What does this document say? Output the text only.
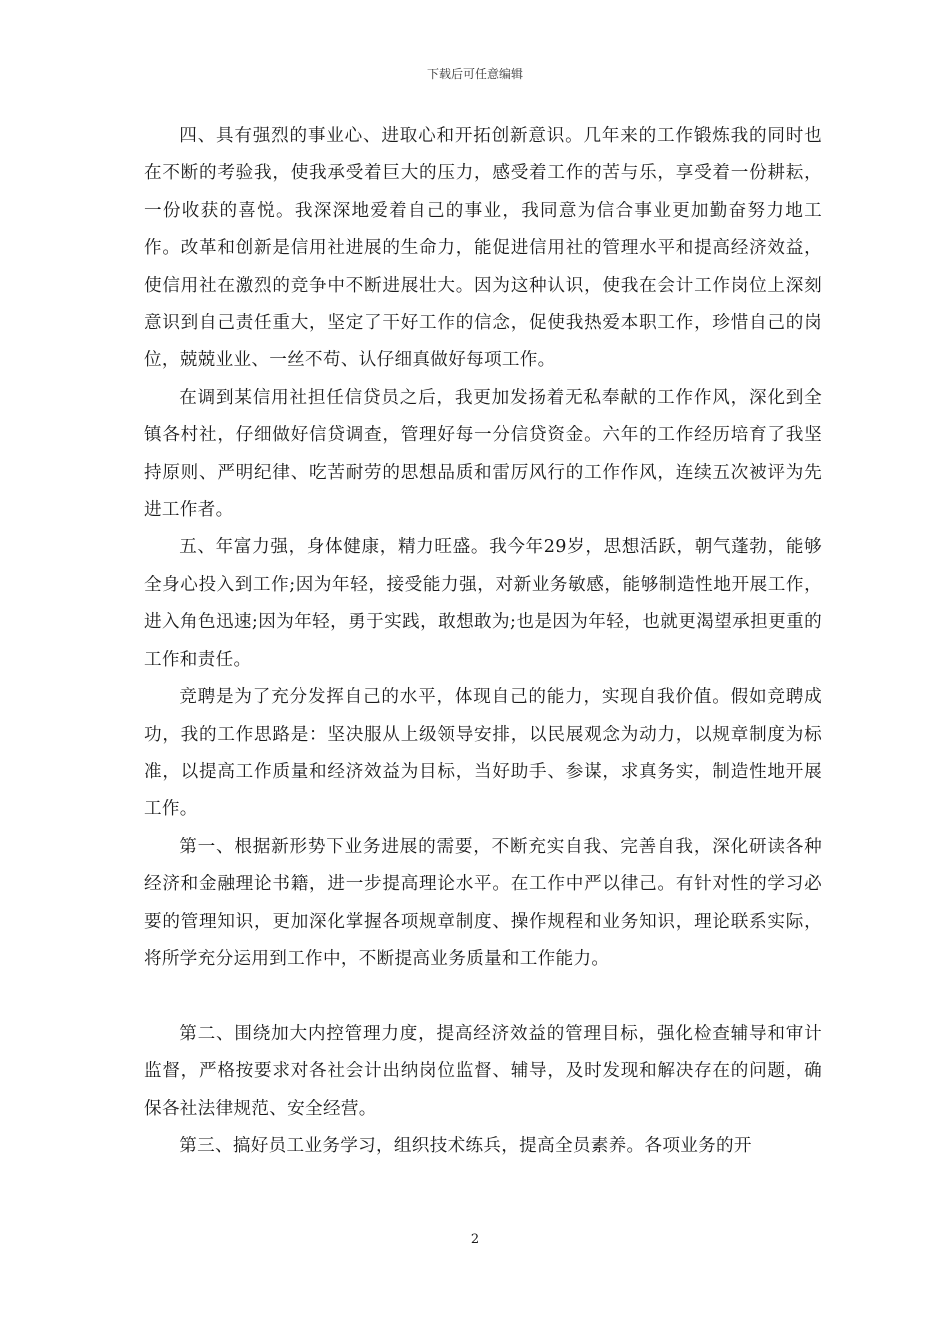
下载后可任意编辑

四、具有强烈的事业心、进取心和开拓创新意识。几年来的工作锻炼我的同时也在不断的考验我，使我承受着巨大的压力，感受着工作的苦与乐，享受着一份耕耘，一份收获的喜悦。我深深地爱着自己的事业，我同意为信合事业更加勤奋努力地工作。改革和创新是信用社进展的生命力，能促进信用社的管理水平和提高经济效益，使信用社在激烈的竞争中不断进展壮大。因为这种认识，使我在会计工作岗位上深刻意识到自己责任重大，坚定了干好工作的信念，促使我热爱本职工作，珍惜自己的岗位，兢兢业业、一丝不苟、认仔细真做好每项工作。

在调到某信用社担任信贷员之后，我更加发扬着无私奉献的工作作风，深化到全镇各村社，仔细做好信贷调查，管理好每一分信贷资金。六年的工作经历培育了我坚持原则、严明纪律、吃苦耐劳的思想品质和雷厉风行的工作作风，连续五次被评为先进工作者。

五、年富力强，身体健康，精力旺盛。我今年29岁，思想活跃，朝气蓬勃，能够全身心投入到工作;因为年轻，接受能力强，对新业务敏感，能够制造性地开展工作，进入角色迅速;因为年轻，勇于实践，敢想敢为;也是因为年轻，也就更渴望承担更重的工作和责任。

竞聘是为了充分发挥自己的水平，体现自己的能力，实现自我价值。假如竞聘成功，我的工作思路是：坚决服从上级领导安排，以民展观念为动力，以规章制度为标准，以提高工作质量和经济效益为目标，当好助手、参谋，求真务实，制造性地开展工作。

第一、根据新形势下业务进展的需要，不断充实自我、完善自我，深化研读各种经济和金融理论书籍，进一步提高理论水平。在工作中严以律己。有针对性的学习必要的管理知识，更加深化掌握各项规章制度、操作规程和业务知识，理论联系实际，将所学充分运用到工作中，不断提高业务质量和工作能力。

第二、围绕加大内控管理力度，提高经济效益的管理目标，强化检查辅导和审计监督，严格按要求对各社会计出纳岗位监督、辅导，及时发现和解决存在的问题，确保各社法律规范、安全经营。

第三、搞好员工业务学习，组织技术练兵，提高全员素养。各项业务的开

2
